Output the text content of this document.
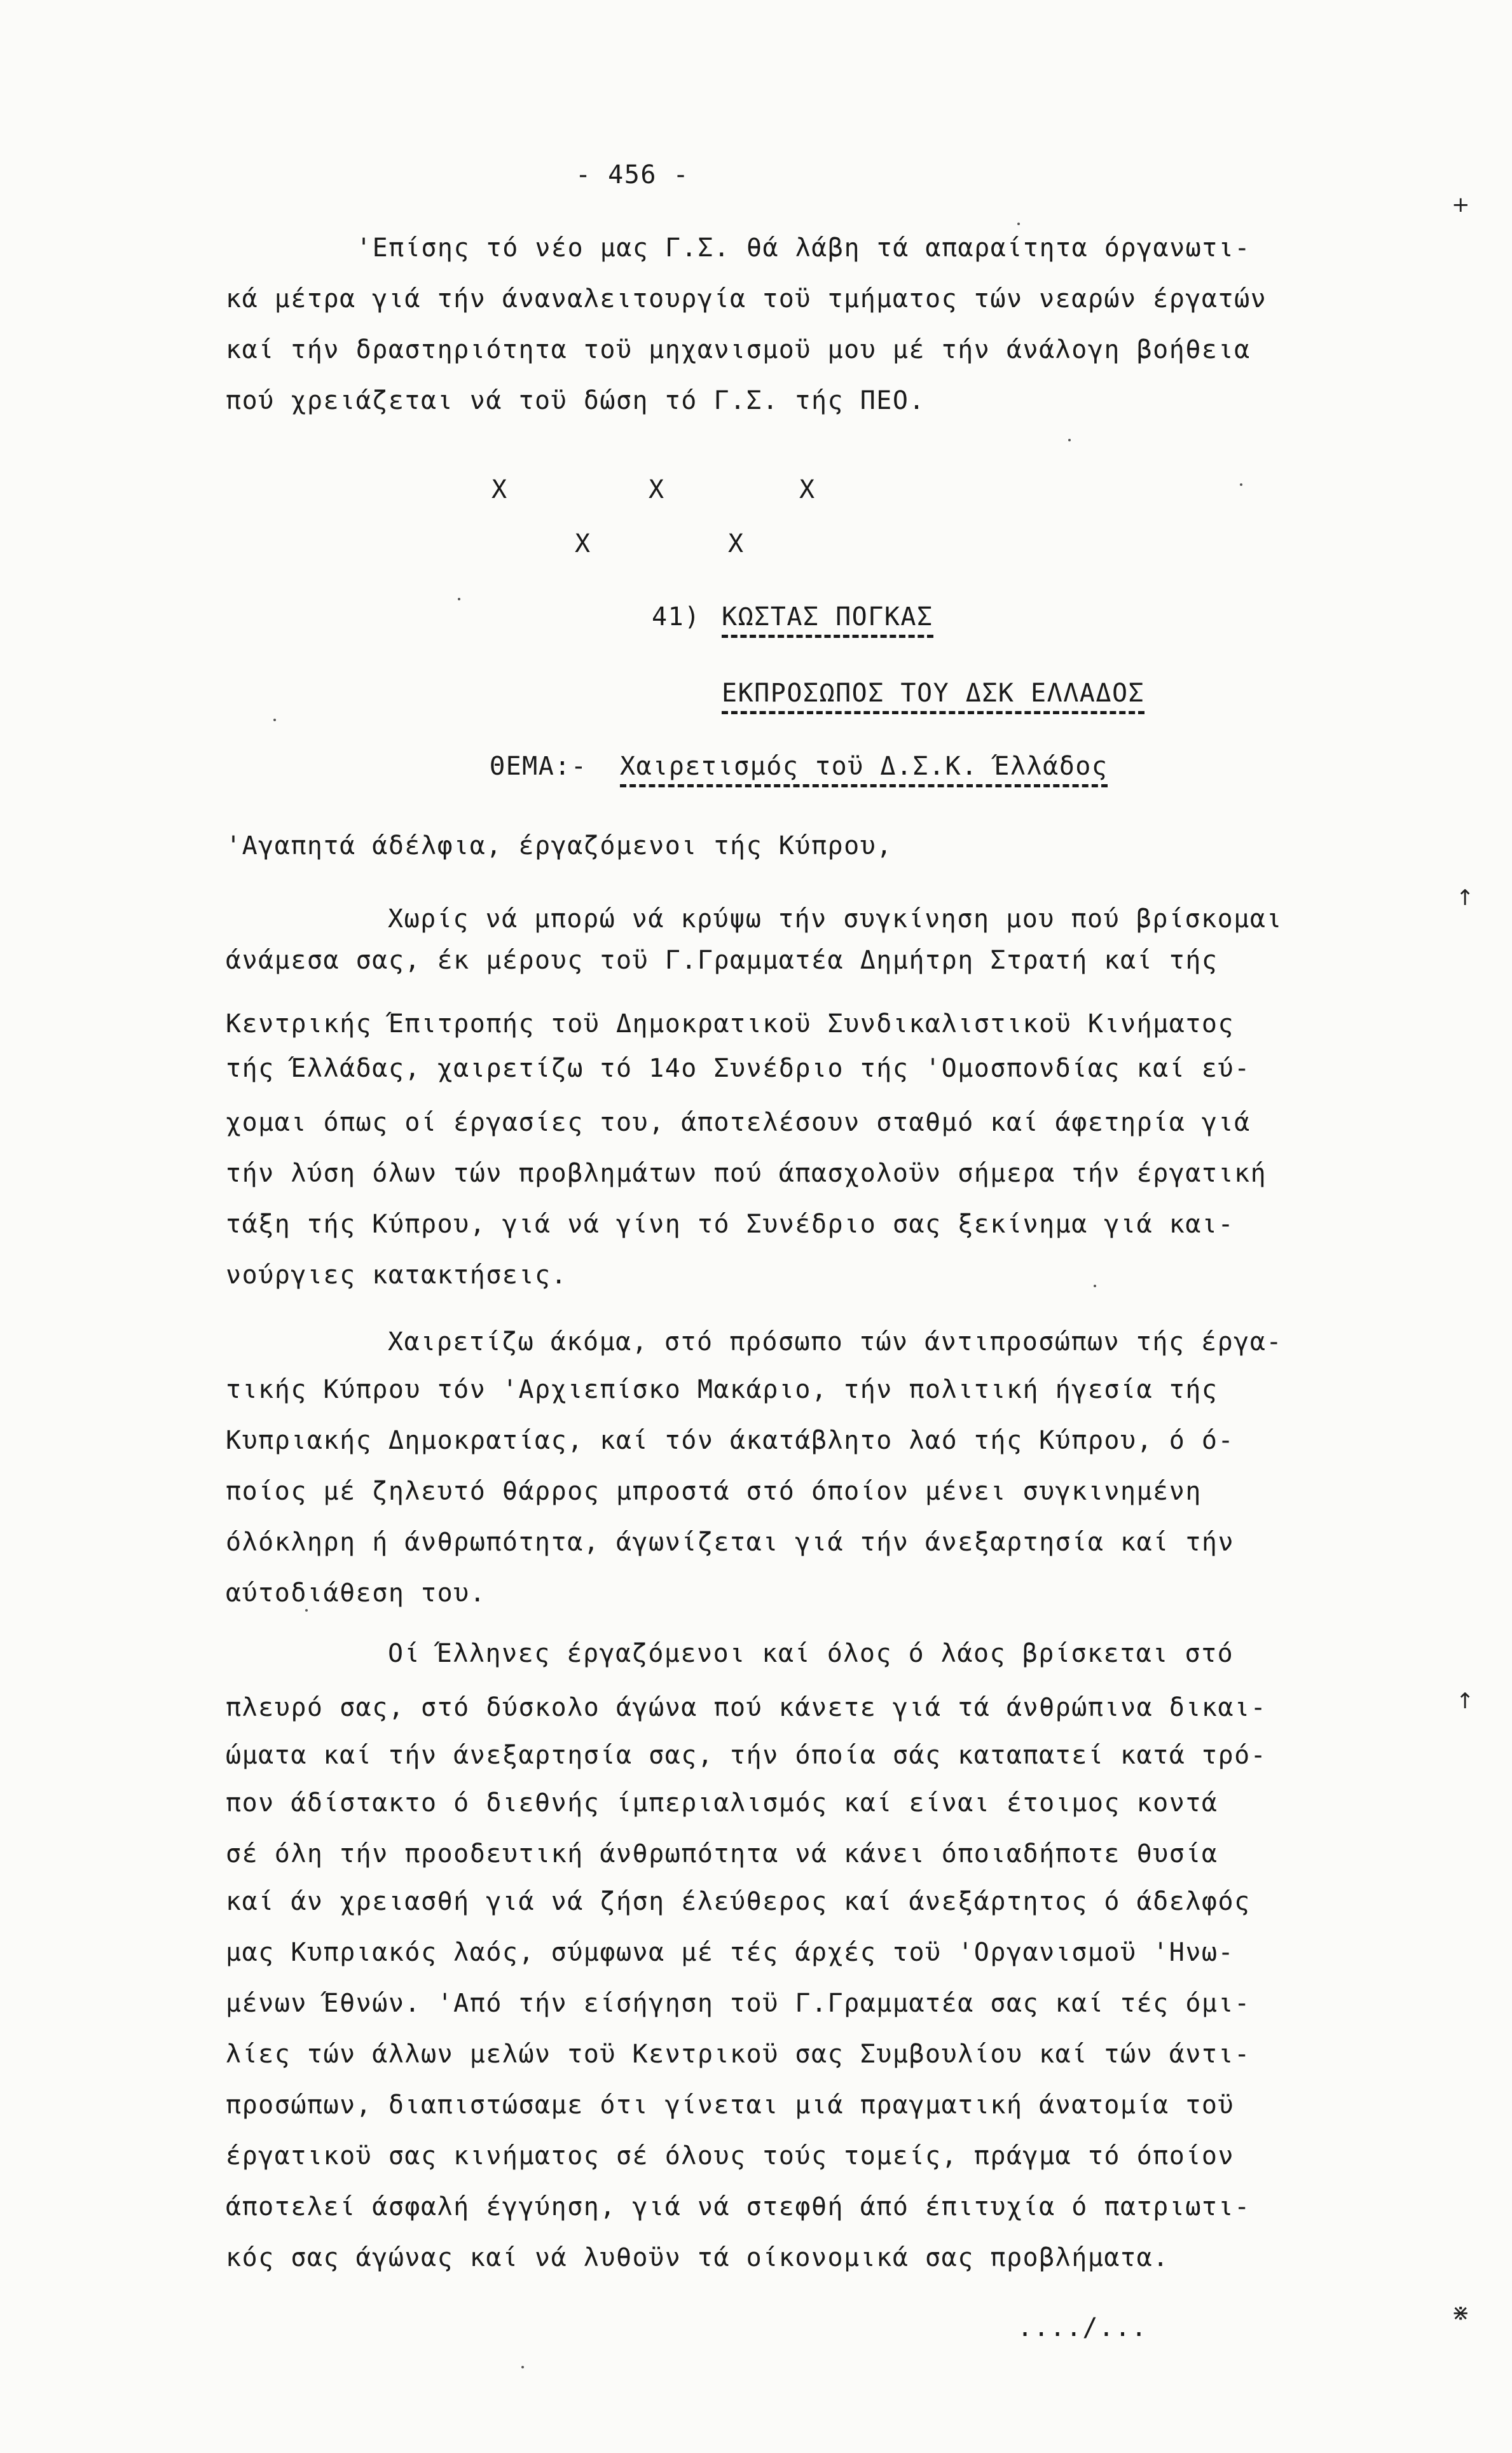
+
↑
↑
⋇
- 456 -
'Επίσης τό νέο μας Γ.Σ. θά λάβη τά απαραίτητα όργανωτι-
κά μέτρα γιά τήν άναναλειτουργία τοϋ τμήματος τών νεαρών έργατών
καί τήν δραστηριότητα τοϋ μηχανισμοϋ μου μέ τήν άνάλογη βοήθεια
πού χρειάζεται νά τοϋ δώση τό Γ.Σ. τής ΠΕΟ.
Χ	Χ	Χ
Χ	Χ
41) ΚΩΣΤΑΣ ΠΟΓΚΑΣ
ΕΚΠΡΟΣΩΠΟΣ ΤΟΥ ΔΣΚ ΕΛΛΑΔΟΣ
ΘΕΜΑ:- Χαιρετισμός τοϋ Δ.Σ.Κ. Έλλάδος
'Αγαπητά άδέλφια, έργαζόμενοι τής Κύπρου,
Χωρίς νά μπορώ νά κρύψω τήν συγκίνηση μου πού βρίσκομαι
άνάμεσα σας, έκ μέρους τοϋ Γ.Γραμματέα Δημήτρη Στρατή καί τής
Κεντρικής Έπιτροπής τοϋ Δημοκρατικοϋ Συνδικαλιστικοϋ Κινήματος
τής Έλλάδας, χαιρετίζω τό 14ο Συνέδριο τής 'Ομοσπονδίας καί εύ-
χομαι όπως οί έργασίες του, άποτελέσουν σταθμό καί άφετηρία γιά
τήν λύση όλων τών προβλημάτων πού άπασχολοϋν σήμερα τήν έργατική
τάξη τής Κύπρου, γιά νά γίνη τό Συνέδριο σας ξεκίνημα γιά και-
νούργιες κατακτήσεις.
Χαιρετίζω άκόμα, στό πρόσωπο τών άντιπροσώπων τής έργα-
τικής Κύπρου τόν 'Αρχιεπίσκο Μακάριο, τήν πολιτική ήγεσία τής
Κυπριακής Δημοκρατίας, καί τόν άκατάβλητο λαό τής Κύπρου, ό ό-
ποίος μέ ζηλευτό θάρρος μπροστά στό όποίον μένει συγκινημένη
όλόκληρη ή άνθρωπότητα, άγωνίζεται γιά τήν άνεξαρτησία καί τήν
αύτοδιάθεση του.
Οί Έλληνες έργαζόμενοι καί όλος ό λάος βρίσκεται στό
πλευρό σας, στό δύσκολο άγώνα πού κάνετε γιά τά άνθρώπινα δικαι-
ώματα καί τήν άνεξαρτησία σας, τήν όποία σάς καταπατεί κατά τρό-
πον άδίστακτο ό διεθνής ίμπεριαλισμός καί είναι έτοιμος κοντά
σέ όλη τήν προοδευτική άνθρωπότητα νά κάνει όποιαδήποτε θυσία
καί άν χρειασθή γιά νά ζήση έλεύθερος καί άνεξάρτητος ό άδελφός
μας Κυπριακός λαός, σύμφωνα μέ τές άρχές τοϋ 'Οργανισμοϋ 'Ηνω-
μένων Έθνών. 'Από τήν είσήγηση τοϋ Γ.Γραμματέα σας καί τές όμι-
λίες τών άλλων μελών τοϋ Κεντρικοϋ σας Συμβουλίου καί τών άντι-
προσώπων, διαπιστώσαμε ότι γίνεται μιά πραγματική άνατομία τοϋ
έργατικοϋ σας κινήματος σέ όλους τούς τομείς, πράγμα τό όποίον
άποτελεί άσφαλή έγγύηση, γιά νά στεφθή άπό έπιτυχία ό πατριωτι-
κός σας άγώνας καί νά λυθοϋν τά οίκονομικά σας προβλήματα.
..../...
